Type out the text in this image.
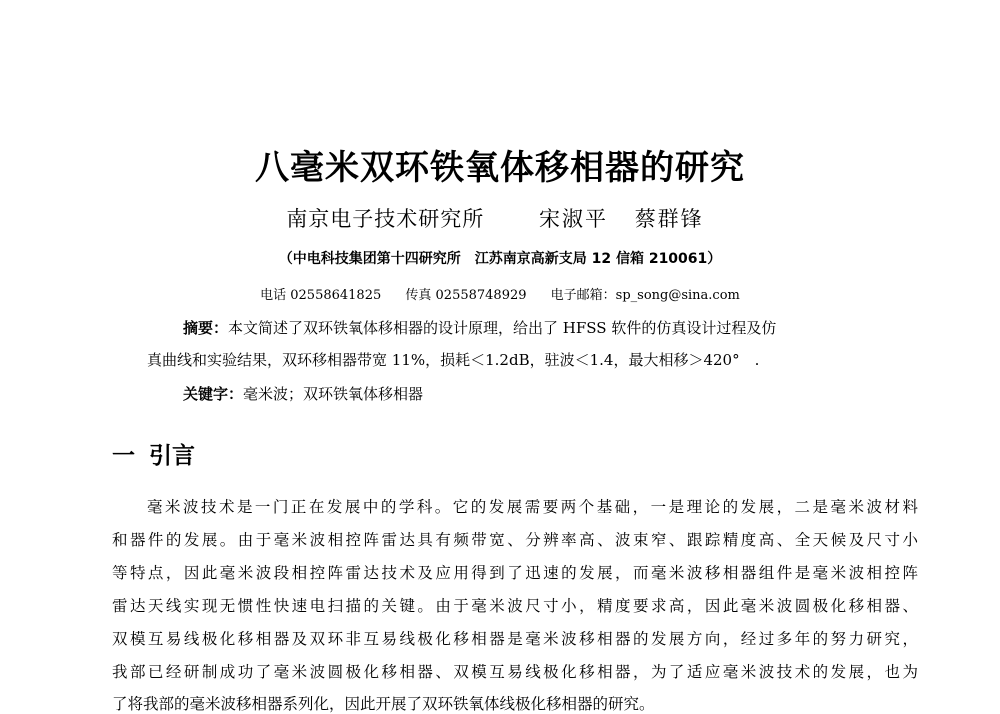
八毫米双环铁氧体移相器的研究
南京电子技术研究所	宋淑平 蔡群锋
（中电科技集团第十四研究所　江苏南京高新支局 12 信箱 210061）
电话 02558641825 传真 02558748929 电子邮箱：sp_song@sina.com
摘要：本文简述了双环铁氧体移相器的设计原理，给出了 HFSS 软件的仿真设计过程及仿
真曲线和实验结果，双环移相器带宽 11%，损耗＜1.2dB，驻波＜1.4，最大相移＞420°　.
关键字：毫米波；双环铁氧体移相器
一 引言
毫米波技术是一门正在发展中的学科。它的发展需要两个基础，一是理论的发展，二是毫米波材料
和器件的发展。由于毫米波相控阵雷达具有频带宽、分辨率高、波束窄、跟踪精度高、全天候及尺寸小
等特点，因此毫米波段相控阵雷达技术及应用得到了迅速的发展，而毫米波移相器组件是毫米波相控阵
雷达天线实现无惯性快速电扫描的关键。由于毫米波尺寸小，精度要求高，因此毫米波圆极化移相器、
双模互易线极化移相器及双环非互易线极化移相器是毫米波移相器的发展方向，经过多年的努力研究，
我部已经研制成功了毫米波圆极化移相器、双模互易线极化移相器，为了适应毫米波技术的发展，也为
了将我部的毫米波移相器系列化，因此开展了双环铁氧体线极化移相器的研究。
